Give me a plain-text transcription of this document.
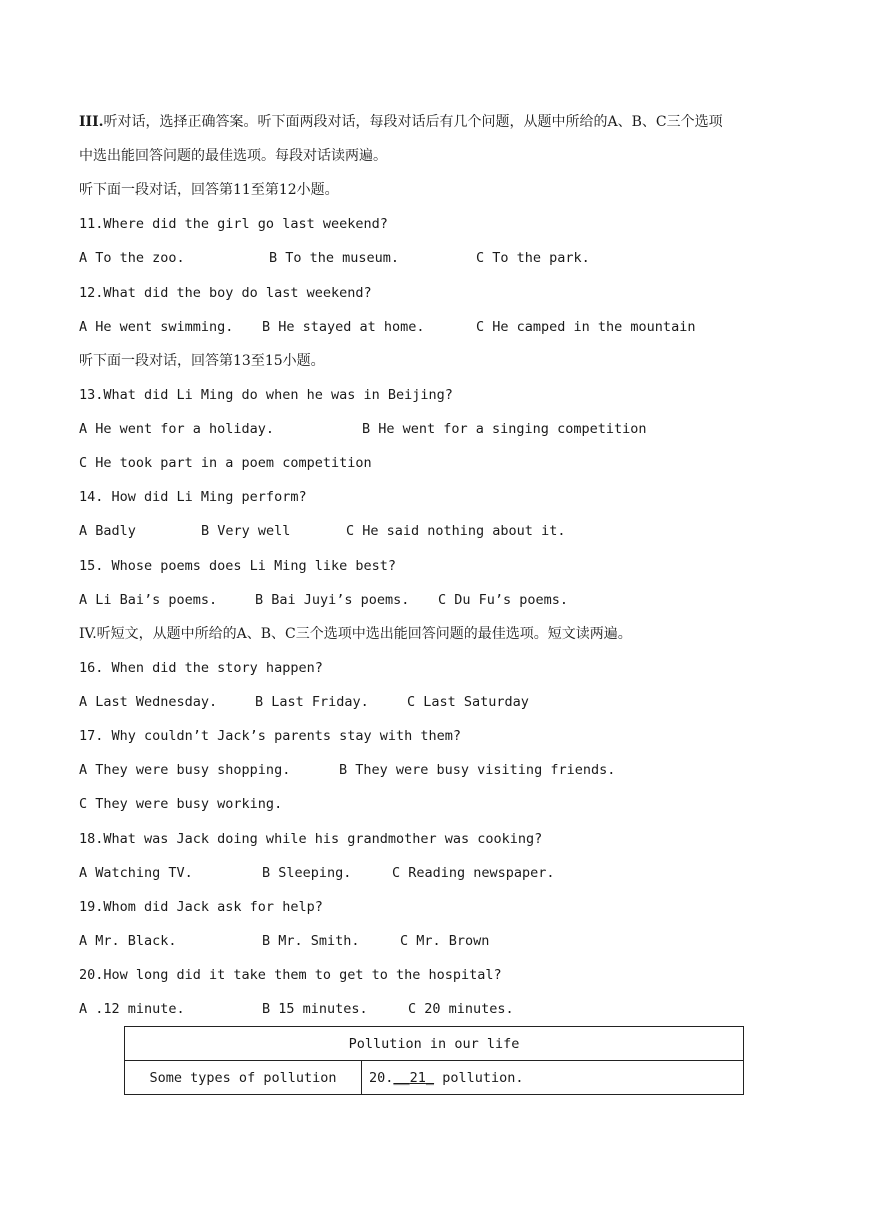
III.听对话，选择正确答案。听下面两段对话，每段对话后有几个问题，从题中所给的A、B、C三个选项
中选出能回答问题的最佳选项。每段对话读两遍。
听下面一段对话，回答第11至第12小题。
11.Where did the girl go last weekend?
A To the zoo.	B To the museum.	C To the park.
12.What did the boy do last weekend?
A He went swimming. B He stayed at home.	C He camped in the mountain
听下面一段对话，回答第13至15小题。
13.What did Li Ming do when he was in Beijing?
A He went for a holiday.	B He went for a singing competition
C He took part in a poem competition
14. How did Li Ming perform?
A Badly	B Very well	C He said nothing about it.
15. Whose poems does Li Ming like best?
A Li Bai’s poems.	B Bai Juyi’s poems. C Du Fu’s poems.
IV.听短文，从题中所给的A、B、C三个选项中选出能回答问题的最佳选项。短文读两遍。
16. When did the story happen?
A Last Wednesday.	B Last Friday.	C Last Saturday
17. Why couldn’t Jack’s parents stay with them?
A They were busy shopping.	B They were busy visiting friends.
C They were busy working.
18.What was Jack doing while his grandmother was cooking?
A Watching TV.	B Sleeping.	C Reading newspaper.
19.Whom did Jack ask for help?
A Mr. Black.	B Mr. Smith.	C Mr. Brown
20.How long did it take them to get to the hospital?
A .12 minute.	B 15 minutes.	C 20 minutes.
Pollution in our life
Some types of pollution	20.__21_ pollution.
